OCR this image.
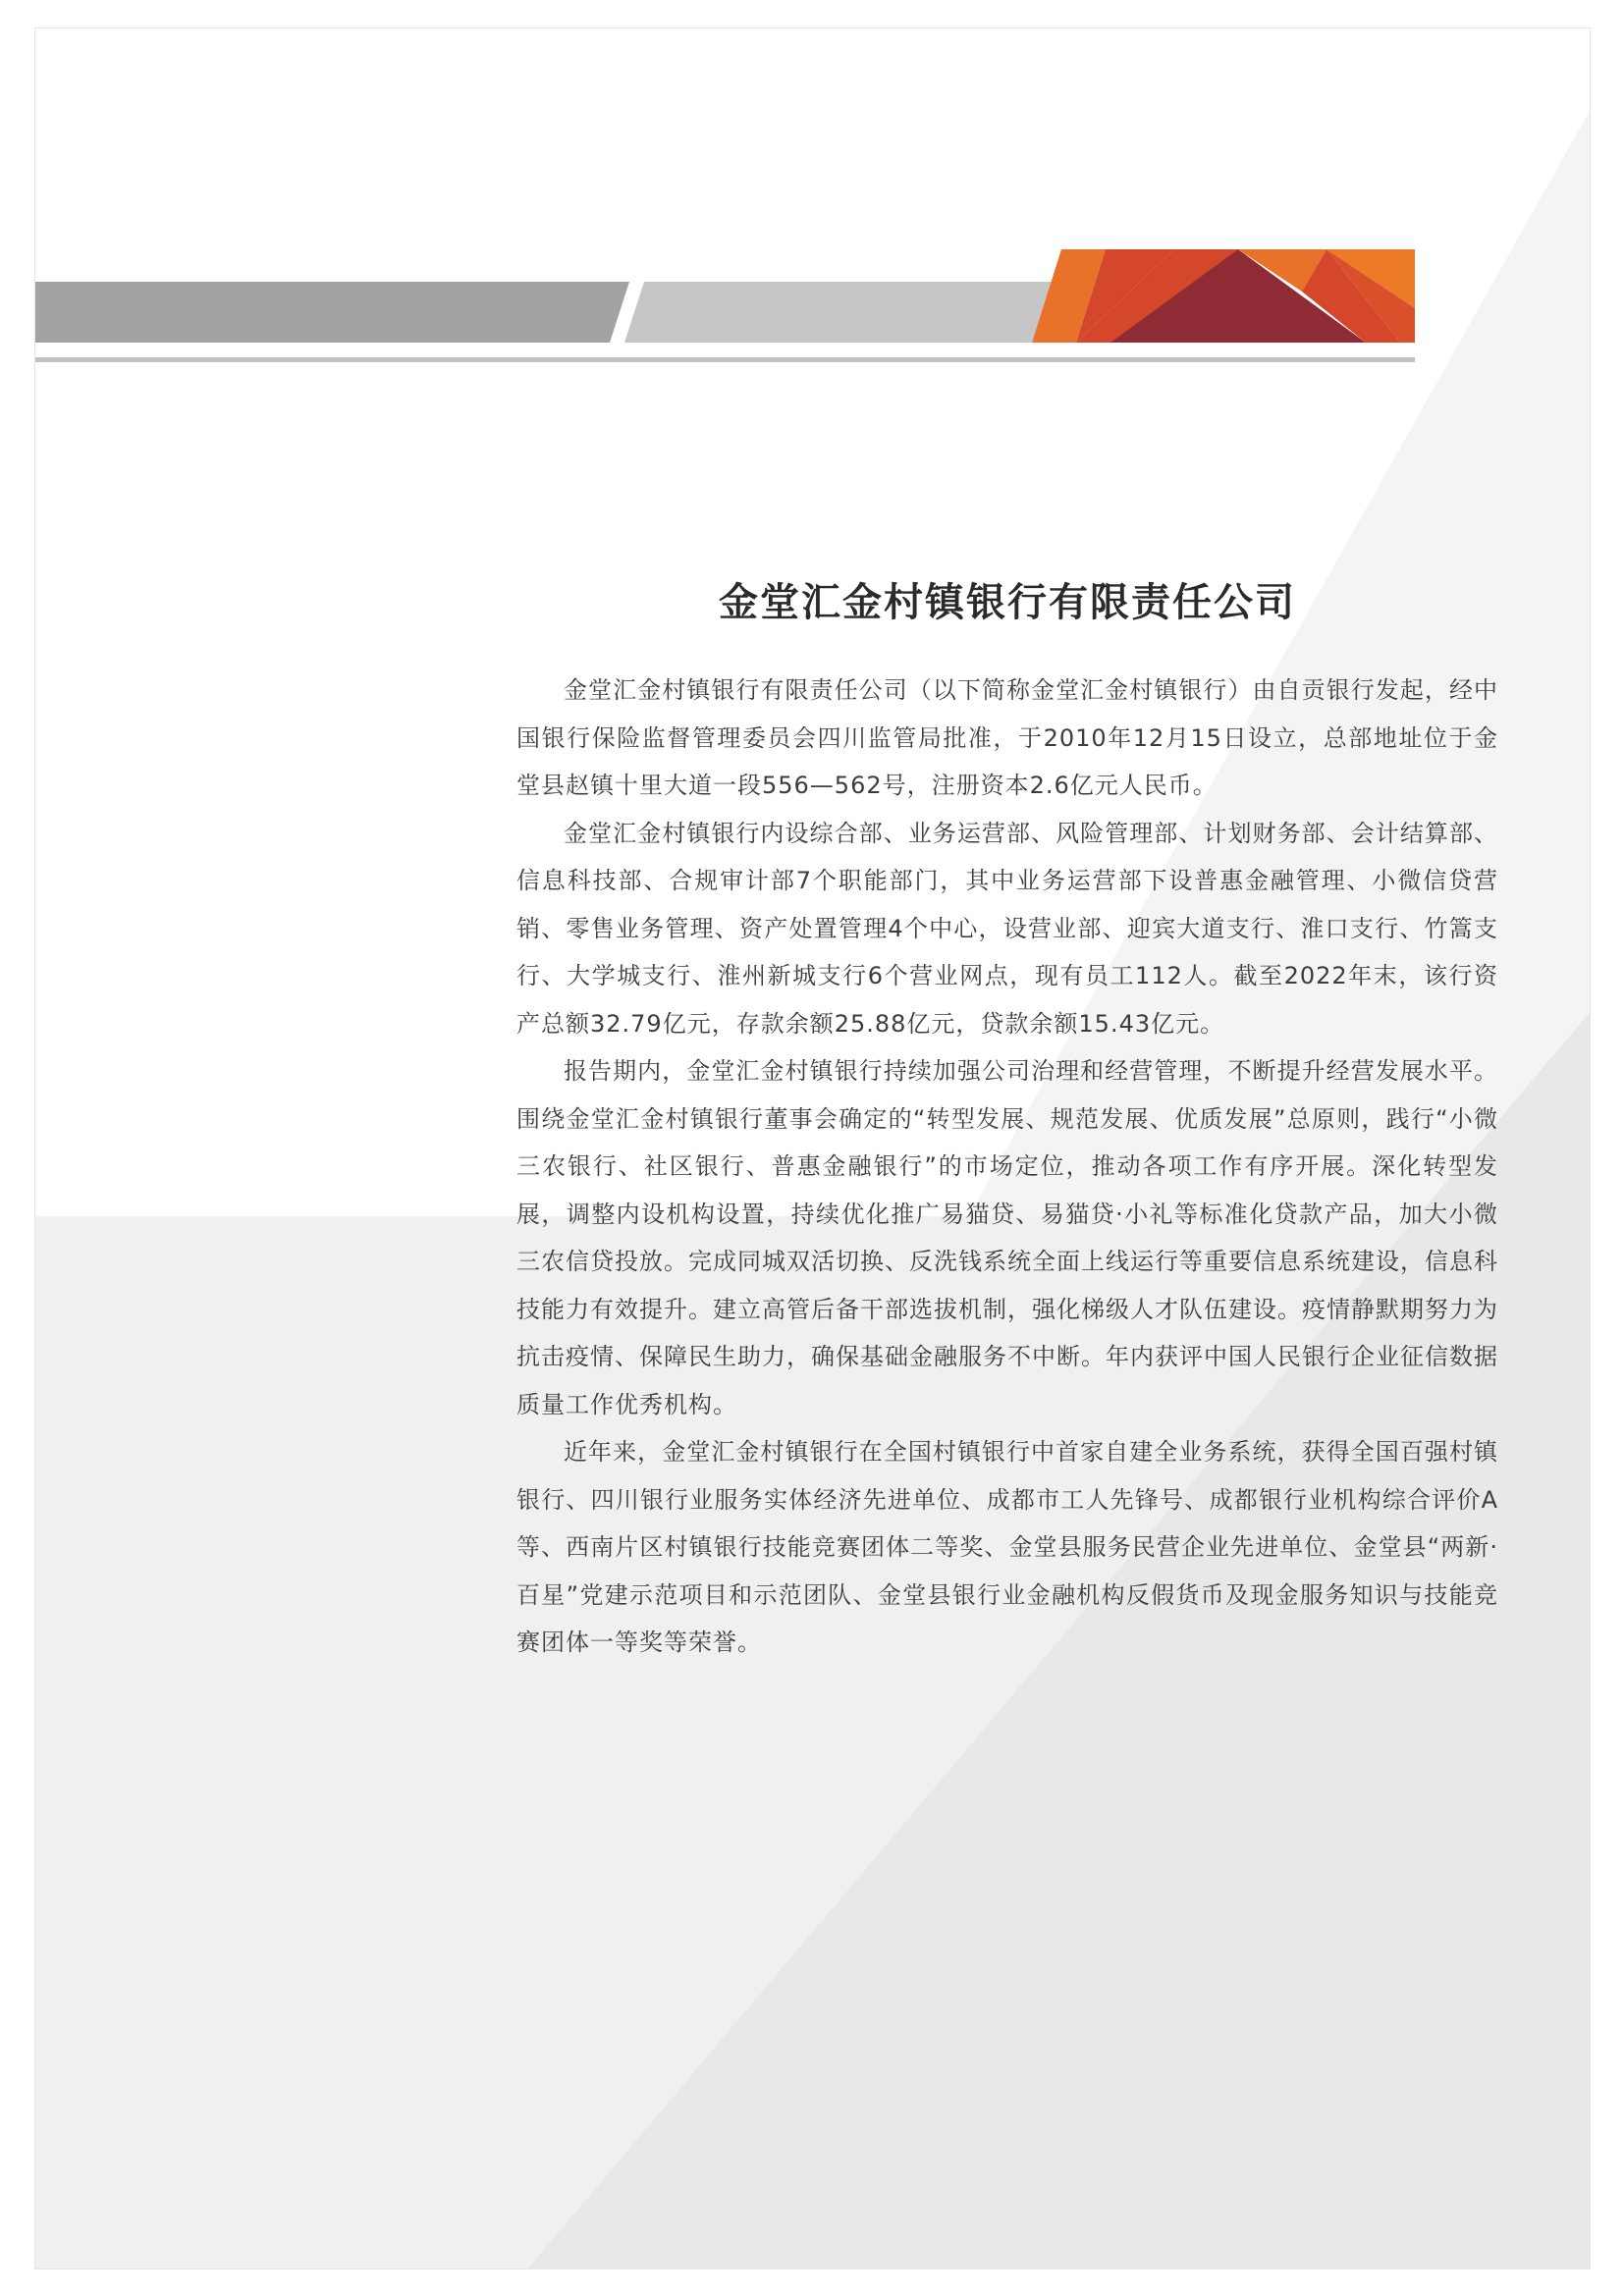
金堂汇金村镇银行有限责任公司

金堂汇金村镇银行有限责任公司（以下简称金堂汇金村镇银行）由自贡银行发起，经中国银行保险监督管理委员会四川监管局批准，于2010年12月15日设立，总部地址位于金堂县赵镇十里大道一段556—562号，注册资本2.6亿元人民币。

金堂汇金村镇银行内设综合部、业务运营部、风险管理部、计划财务部、会计结算部、信息科技部、合规审计部7个职能部门，其中业务运营部下设普惠金融管理、小微信贷营销、零售业务管理、资产处置管理4个中心，设营业部、迎宾大道支行、淮口支行、竹篙支行、大学城支行、淮州新城支行6个营业网点，现有员工112人。截至2022年末，该行资产总额32.79亿元，存款余额25.88亿元，贷款余额15.43亿元。

报告期内，金堂汇金村镇银行持续加强公司治理和经营管理，不断提升经营发展水平。围绕金堂汇金村镇银行董事会确定的“转型发展、规范发展、优质发展”总原则，践行“小微三农银行、社区银行、普惠金融银行”的市场定位，推动各项工作有序开展。深化转型发展，调整内设机构设置，持续优化推广易猫贷、易猫贷·小礼等标准化贷款产品，加大小微三农信贷投放。完成同城双活切换、反洗钱系统全面上线运行等重要信息系统建设，信息科技能力有效提升。建立高管后备干部选拔机制，强化梯级人才队伍建设。疫情静默期努力为抗击疫情、保障民生助力，确保基础金融服务不中断。年内获评中国人民银行企业征信数据质量工作优秀机构。

近年来，金堂汇金村镇银行在全国村镇银行中首家自建全业务系统，获得全国百强村镇银行、四川银行业服务实体经济先进单位、成都市工人先锋号、成都银行业机构综合评价A等、西南片区村镇银行技能竞赛团体二等奖、金堂县服务民营企业先进单位、金堂县“两新·百星”党建示范项目和示范团队、金堂县银行业金融机构反假货币及现金服务知识与技能竞赛团体一等奖等荣誉。
